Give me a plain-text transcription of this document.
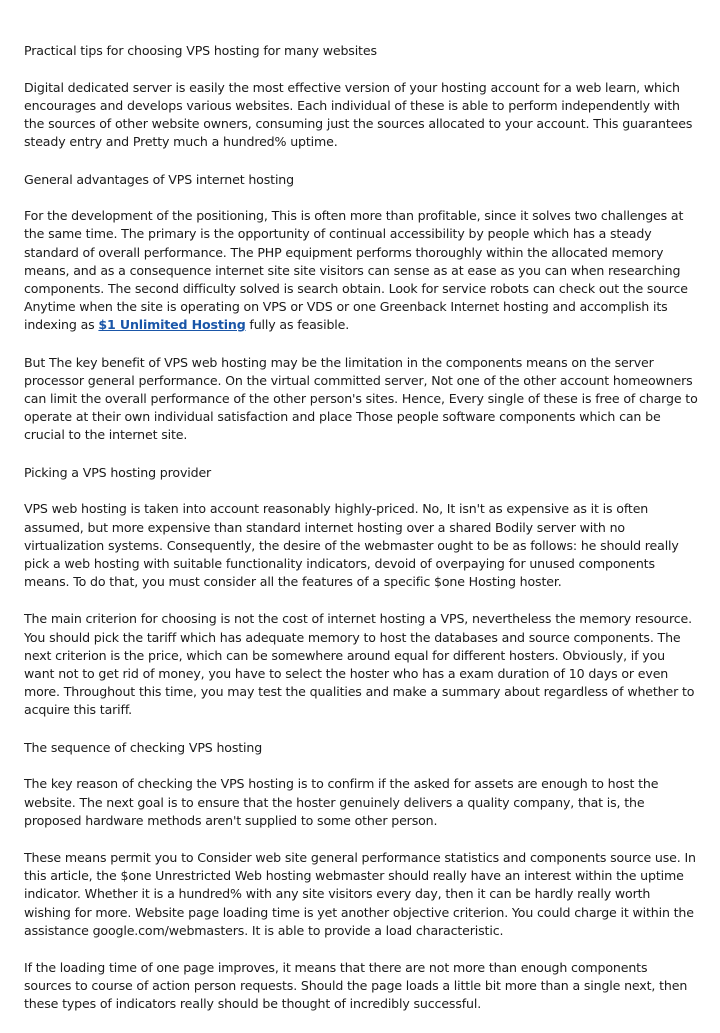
Practical tips for choosing VPS hosting for many websites

Digital dedicated server is easily the most effective version of your hosting account for a web learn, which encourages and develops various websites. Each individual of these is able to perform independently with the sources of other website owners, consuming just the sources allocated to your account. This guarantees steady entry and Pretty much a hundred% uptime.

General advantages of VPS internet hosting

For the development of the positioning, This is often more than profitable, since it solves two challenges at the same time. The primary is the opportunity of continual accessibility by people which has a steady standard of overall performance. The PHP equipment performs thoroughly within the allocated memory means, and as a consequence internet site site visitors can sense as at ease as you can when researching components. The second difficulty solved is search obtain. Look for service robots can check out the source Anytime when the site is operating on VPS or VDS or one Greenback Internet hosting and accomplish its indexing as $1 Unlimited Hosting fully as feasible.

But The key benefit of VPS web hosting may be the limitation in the components means on the server processor general performance. On the virtual committed server, Not one of the other account homeowners can limit the overall performance of the other person's sites. Hence, Every single of these is free of charge to operate at their own individual satisfaction and place Those people software components which can be crucial to the internet site.

Picking a VPS hosting provider

VPS web hosting is taken into account reasonably highly-priced. No, It isn't as expensive as it is often assumed, but more expensive than standard internet hosting over a shared Bodily server with no virtualization systems. Consequently, the desire of the webmaster ought to be as follows: he should really pick a web hosting with suitable functionality indicators, devoid of overpaying for unused components means. To do that, you must consider all the features of a specific $one Hosting hoster.

The main criterion for choosing is not the cost of internet hosting a VPS, nevertheless the memory resource. You should pick the tariff which has adequate memory to host the databases and source components. The next criterion is the price, which can be somewhere around equal for different hosters. Obviously, if you want not to get rid of money, you have to select the hoster who has a exam duration of 10 days or even more. Throughout this time, you may test the qualities and make a summary about regardless of whether to acquire this tariff.

The sequence of checking VPS hosting

The key reason of checking the VPS hosting is to confirm if the asked for assets are enough to host the website. The next goal is to ensure that the hoster genuinely delivers a quality company, that is, the proposed hardware methods aren't supplied to some other person.

These means permit you to Consider web site general performance statistics and components source use. In this article, the $one Unrestricted Web hosting webmaster should really have an interest within the uptime indicator. Whether it is a hundred% with any site visitors every day, then it can be hardly really worth wishing for more. Website page loading time is yet another objective criterion. You could charge it within the assistance google.com/webmasters. It is able to provide a load characteristic.

If the loading time of one page improves, it means that there are not more than enough components sources to course of action person requests. Should the page loads a little bit more than a single next, then these types of indicators really should be thought of incredibly successful.
